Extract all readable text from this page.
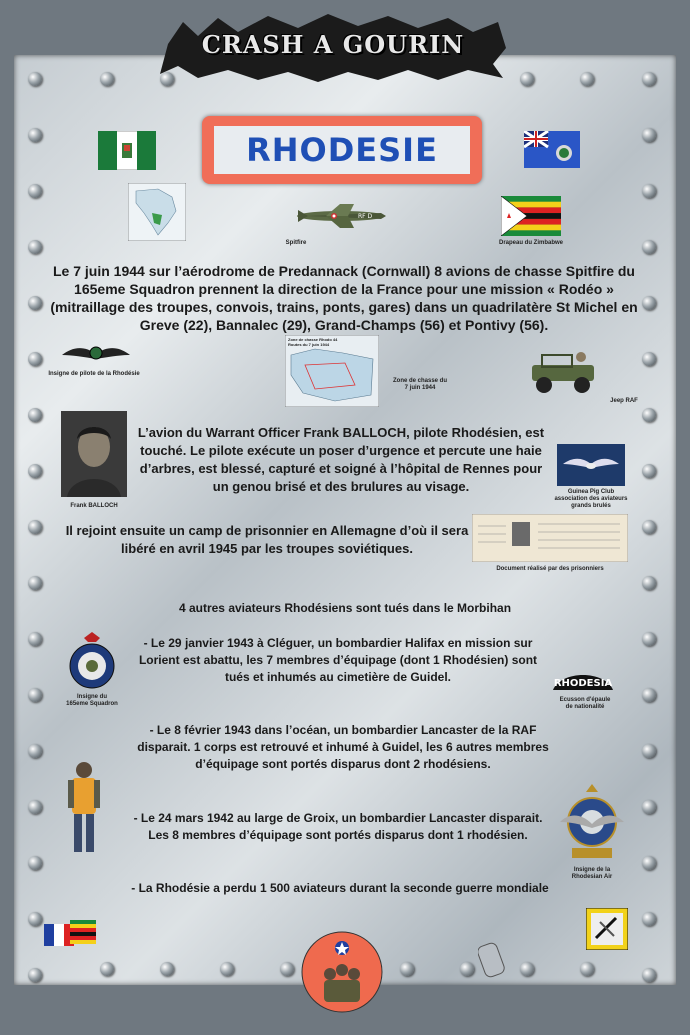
CRASH A GOURIN
RHODESIE
RF D
Spitfire	Drapeau du Zimbabwe
Le 7 juin 1944 sur l’aérodrome de Predannack (Cornwall) 8 avions de chasse Spitfire du 165eme Squadron prennent la direction de la France pour une mission « Rodéo » (mitraillage des troupes, convois, trains, ponts, gares) dans un quadrilatère St Michel en Greve (22), Bannalec (29), Grand-Champs (56) et Pontivy (56).
Insigne de pilote de la Rhodésie
Zone de chasse Rhodo 44 Routes du 7 juin 1944
Zone de chasse du
7 juin 1944
Jeep RAF
Frank BALLOCH
L’avion du Warrant Officer Frank BALLOCH, pilote Rhodésien, est touché. Le pilote exécute un poser d’urgence et percute une haie d’arbres, est blessé, capturé et soigné à l’hôpital de Rennes pour un genou brisé et des brulures au visage.	Guinea Pig Club
association des aviateurs
grands brulés
Il rejoint ensuite un camp de prisonnier en Allemagne d’où il sera libéré en avril 1945 par les troupes soviétiques.
Document réalisé par des prisonniers
4 autres aviateurs Rhodésiens sont tués dans le Morbihan
Insigne du
165eme Squadron
- Le 29 janvier 1943 à Cléguer, un bombardier Halifax en mission sur Lorient est abattu, les 7 membres d’équipage (dont 1 Rhodésien) sont tués et inhumés au cimetière de Guidel.	RHODESIA
Ecusson d'épaule
de nationalité
- Le 8 février 1943 dans l’océan, un bombardier Lancaster de la RAF disparait. 1 corps est retrouvé et inhumé à Guidel, les 6 autres membres d’équipage sont portés disparus dont 2 rhodésiens.
- Le 24 mars 1942 au large de Groix, un bombardier Lancaster disparait. Les 8 membres d’équipage sont portés disparus dont 1 rhodésien.
Insigne de la
Rhodesian Air
- La Rhodésie a perdu 1 500 aviateurs durant la seconde guerre mondiale
